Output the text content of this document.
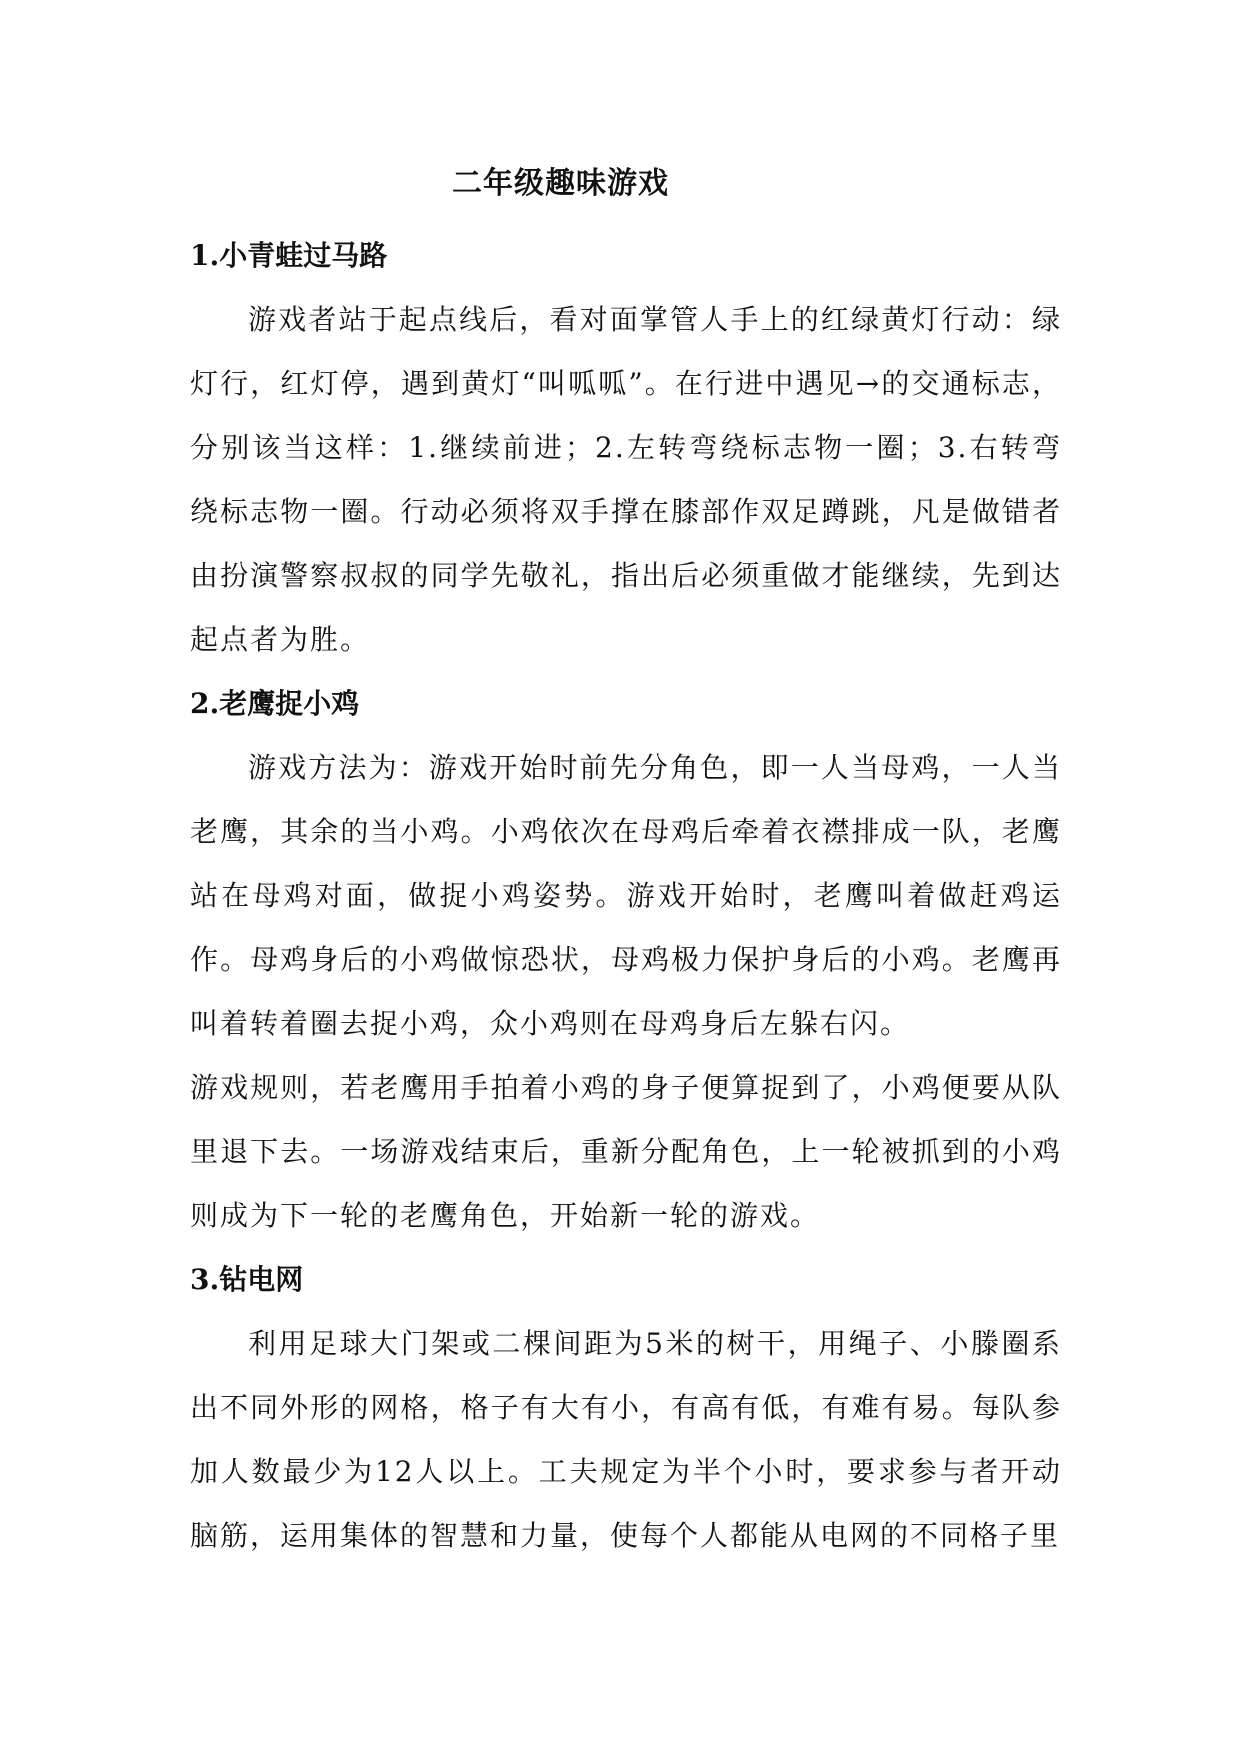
二年级趣味游戏
1.小青蛙过马路

游戏者站于起点线后，看对面掌管人手上的红绿黄灯行动：绿灯行，红灯停，遇到黄灯“叫呱呱”。在行进中遇见→的交通标志，分别该当这样：1.继续前进；2.左转弯绕标志物一圈；3.右转弯绕标志物一圈。行动必须将双手撑在膝部作双足蹲跳，凡是做错者由扮演警察叔叔的同学先敬礼，指出后必须重做才能继续，先到达起点者为胜。

2.老鹰捉小鸡

游戏方法为：游戏开始时前先分角色，即一人当母鸡，一人当老鹰，其余的当小鸡。小鸡依次在母鸡后牵着衣襟排成一队，老鹰站在母鸡对面，做捉小鸡姿势。游戏开始时，老鹰叫着做赶鸡运作。母鸡身后的小鸡做惊恐状，母鸡极力保护身后的小鸡。老鹰再叫着转着圈去捉小鸡，众小鸡则在母鸡身后左躲右闪。

游戏规则，若老鹰用手拍着小鸡的身子便算捉到了，小鸡便要从队里退下去。一场游戏结束后，重新分配角色，上一轮被抓到的小鸡则成为下一轮的老鹰角色，开始新一轮的游戏。

3.钻电网

利用足球大门架或二棵间距为5米的树干，用绳子、小滕圈系出不同外形的网格，格子有大有小，有高有低，有难有易。每队参加人数最少为12人以上。工夫规定为半个小时，要求参与者开动脑筋，运用集体的智慧和力量，使每个人都能从电网的不同格子里
